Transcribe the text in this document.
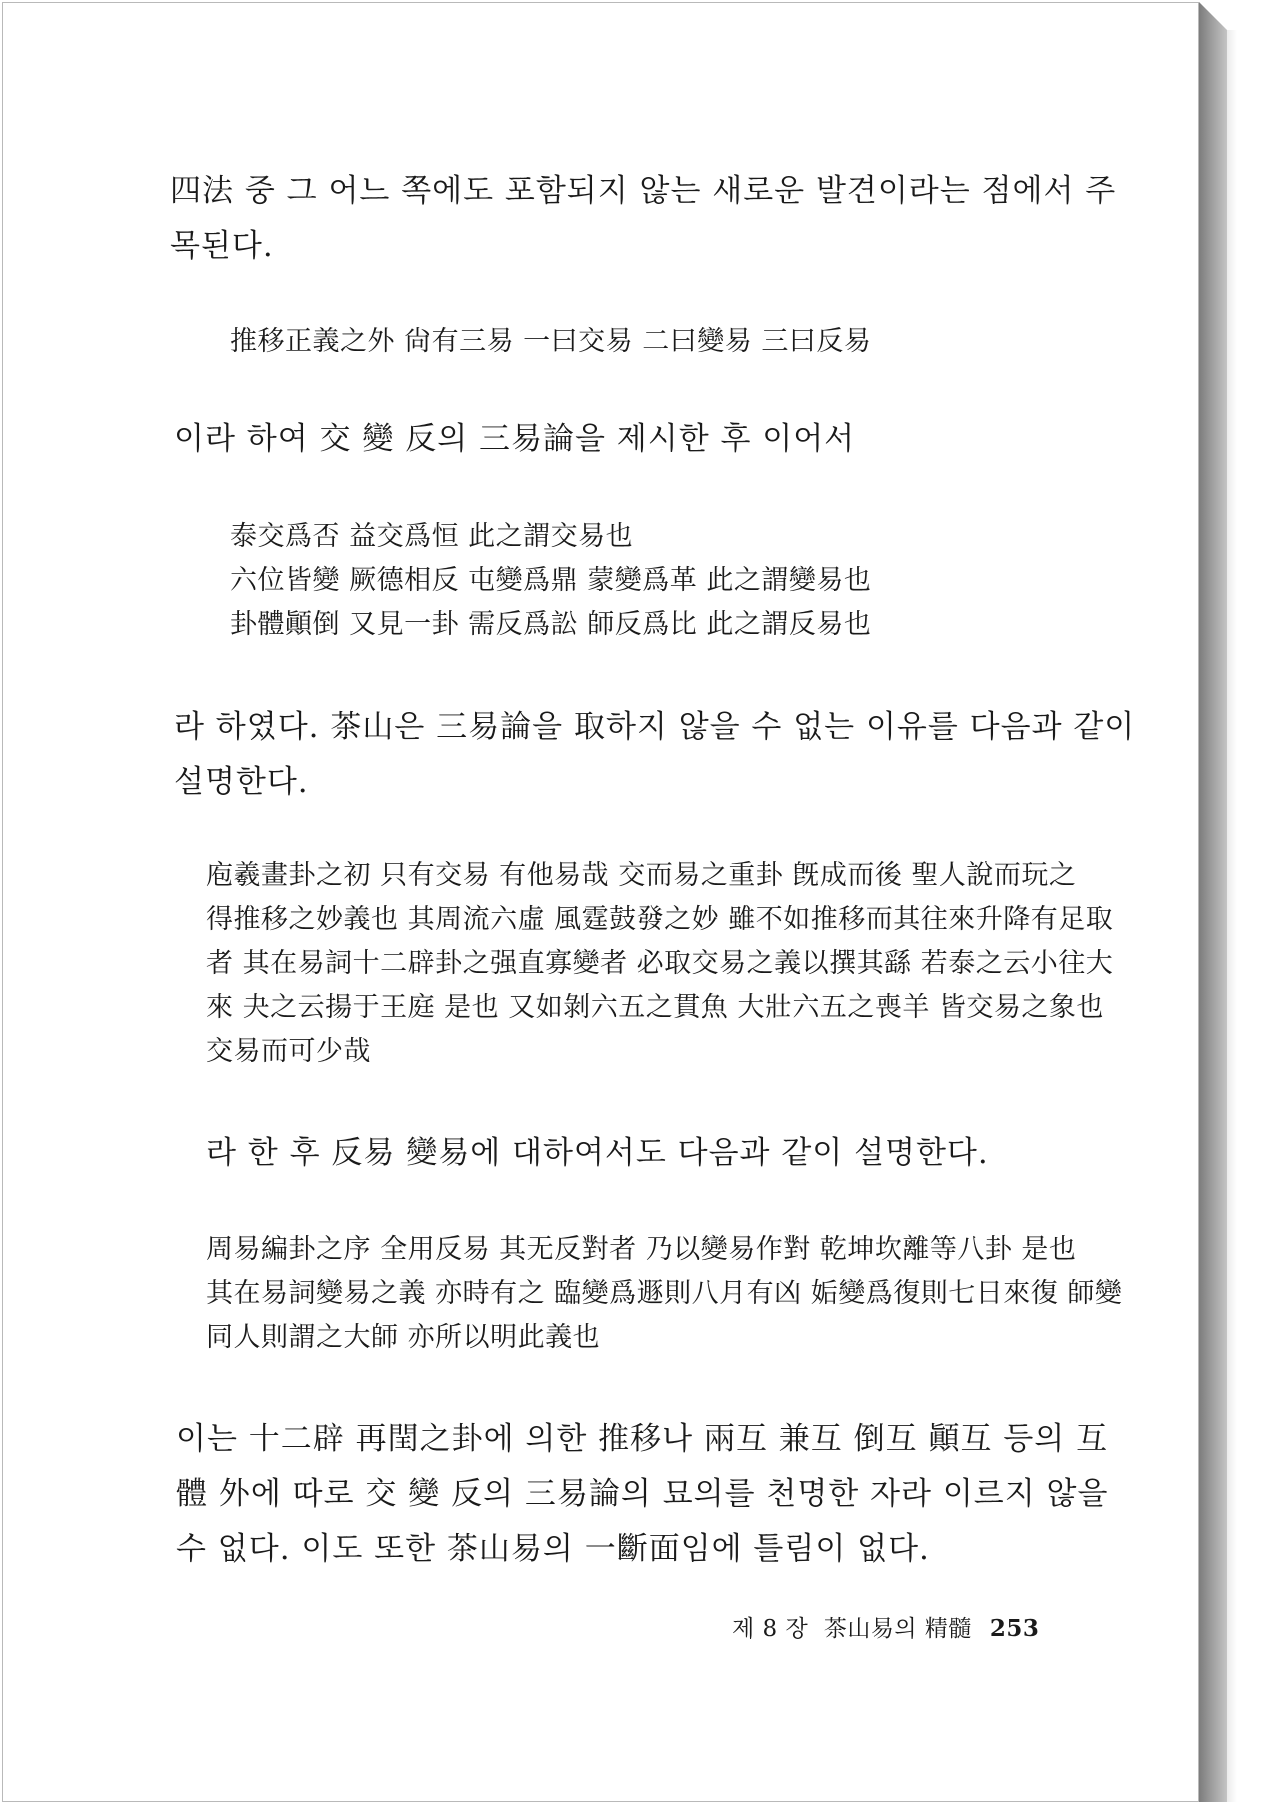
四法 중 그 어느 쪽에도 포함되지 않는 새로운 발견이라는 점에서 주
목된다.
推移正義之外 尙有三易 一曰交易 二曰變易 三曰反易
이라 하여 交 變 反의 三易論을 제시한 후 이어서
泰交爲否 益交爲恒 此之謂交易也
六位皆變 厥德相反 屯變爲鼎 蒙變爲革 此之謂變易也
卦體顚倒 又見一卦 需反爲訟 師反爲比 此之謂反易也
라 하였다. 茶山은 三易論을 取하지 않을 수 없는 이유를 다음과 같이
설명한다.
庖羲畫卦之初 只有交易 有他易哉 交而易之重卦 旣成而後 聖人說而玩之
得推移之妙義也 其周流六虛 風霆鼓發之妙 雖不如推移而其往來升降有足取
者 其在易詞十二辟卦之强直寡變者 必取交易之義以撰其繇 若泰之云小往大
來 夬之云揚于王庭 是也 又如剝六五之貫魚 大壯六五之喪羊 皆交易之象也
交易而可少哉
라 한 후 反易 變易에 대하여서도 다음과 같이 설명한다.
周易編卦之序 全用反易 其无反對者 乃以變易作對 乾坤坎離等八卦 是也
其在易詞變易之義 亦時有之 臨變爲遯則八月有凶 姤變爲復則七日來復 師變
同人則謂之大師 亦所以明此義也
이는 十二辟 再閏之卦에 의한 推移나 兩互 兼互 倒互 顚互 등의 互
體 外에 따로 交 變 反의 三易論의 묘의를 천명한 자라 이르지 않을
수 없다. 이도 또한 茶山易의 一斷面임에 틀림이 없다.
제 8 장  茶山易의 精髓 253
